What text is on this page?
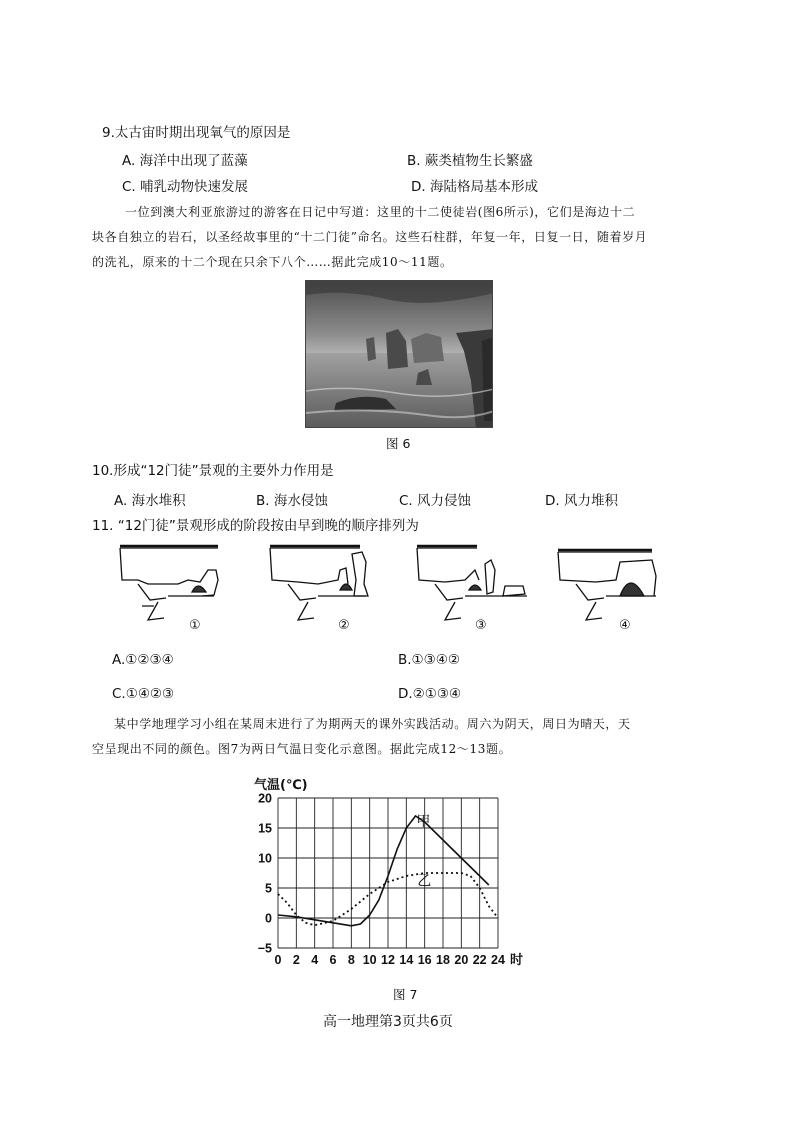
9.太古宙时期出现氧气的原因是
A. 海洋中出现了蓝藻	B. 蕨类植物生长繁盛
C. 哺乳动物快速发展	D. 海陆格局基本形成
一位到澳大利亚旅游过的游客在日记中写道：这里的十二使徒岩(图6所示)，它们是海边十二
块各自独立的岩石，以圣经故事里的“十二门徒”命名。这些石柱群，年复一年，日复一日，随着岁月
的洗礼，原来的十二个现在只余下八个……据此完成10～11题。
图 6
10.形成“12门徒”景观的主要外力作用是
A. 海水堆积	B. 海水侵蚀	C. 风力侵蚀	D. 风力堆积
11. “12门徒”景观形成的阶段按由早到晚的顺序排列为
①	②	③	④
A.①②③④	B.①③④②
C.①④②③	D.②①③④
某中学地理学习小组在某周末进行了为期两天的课外实践活动。周六为阴天，周日为晴天，天
空呈现出不同的颜色。图7为两日气温日变化示意图。据此完成12～13题。
0 2 4 6 8 10 12 14 16 18 20 22 24
−5
0
5
10
15
20
气温(℃)
时
甲
乙
图 7
高一地理第3页共6页
